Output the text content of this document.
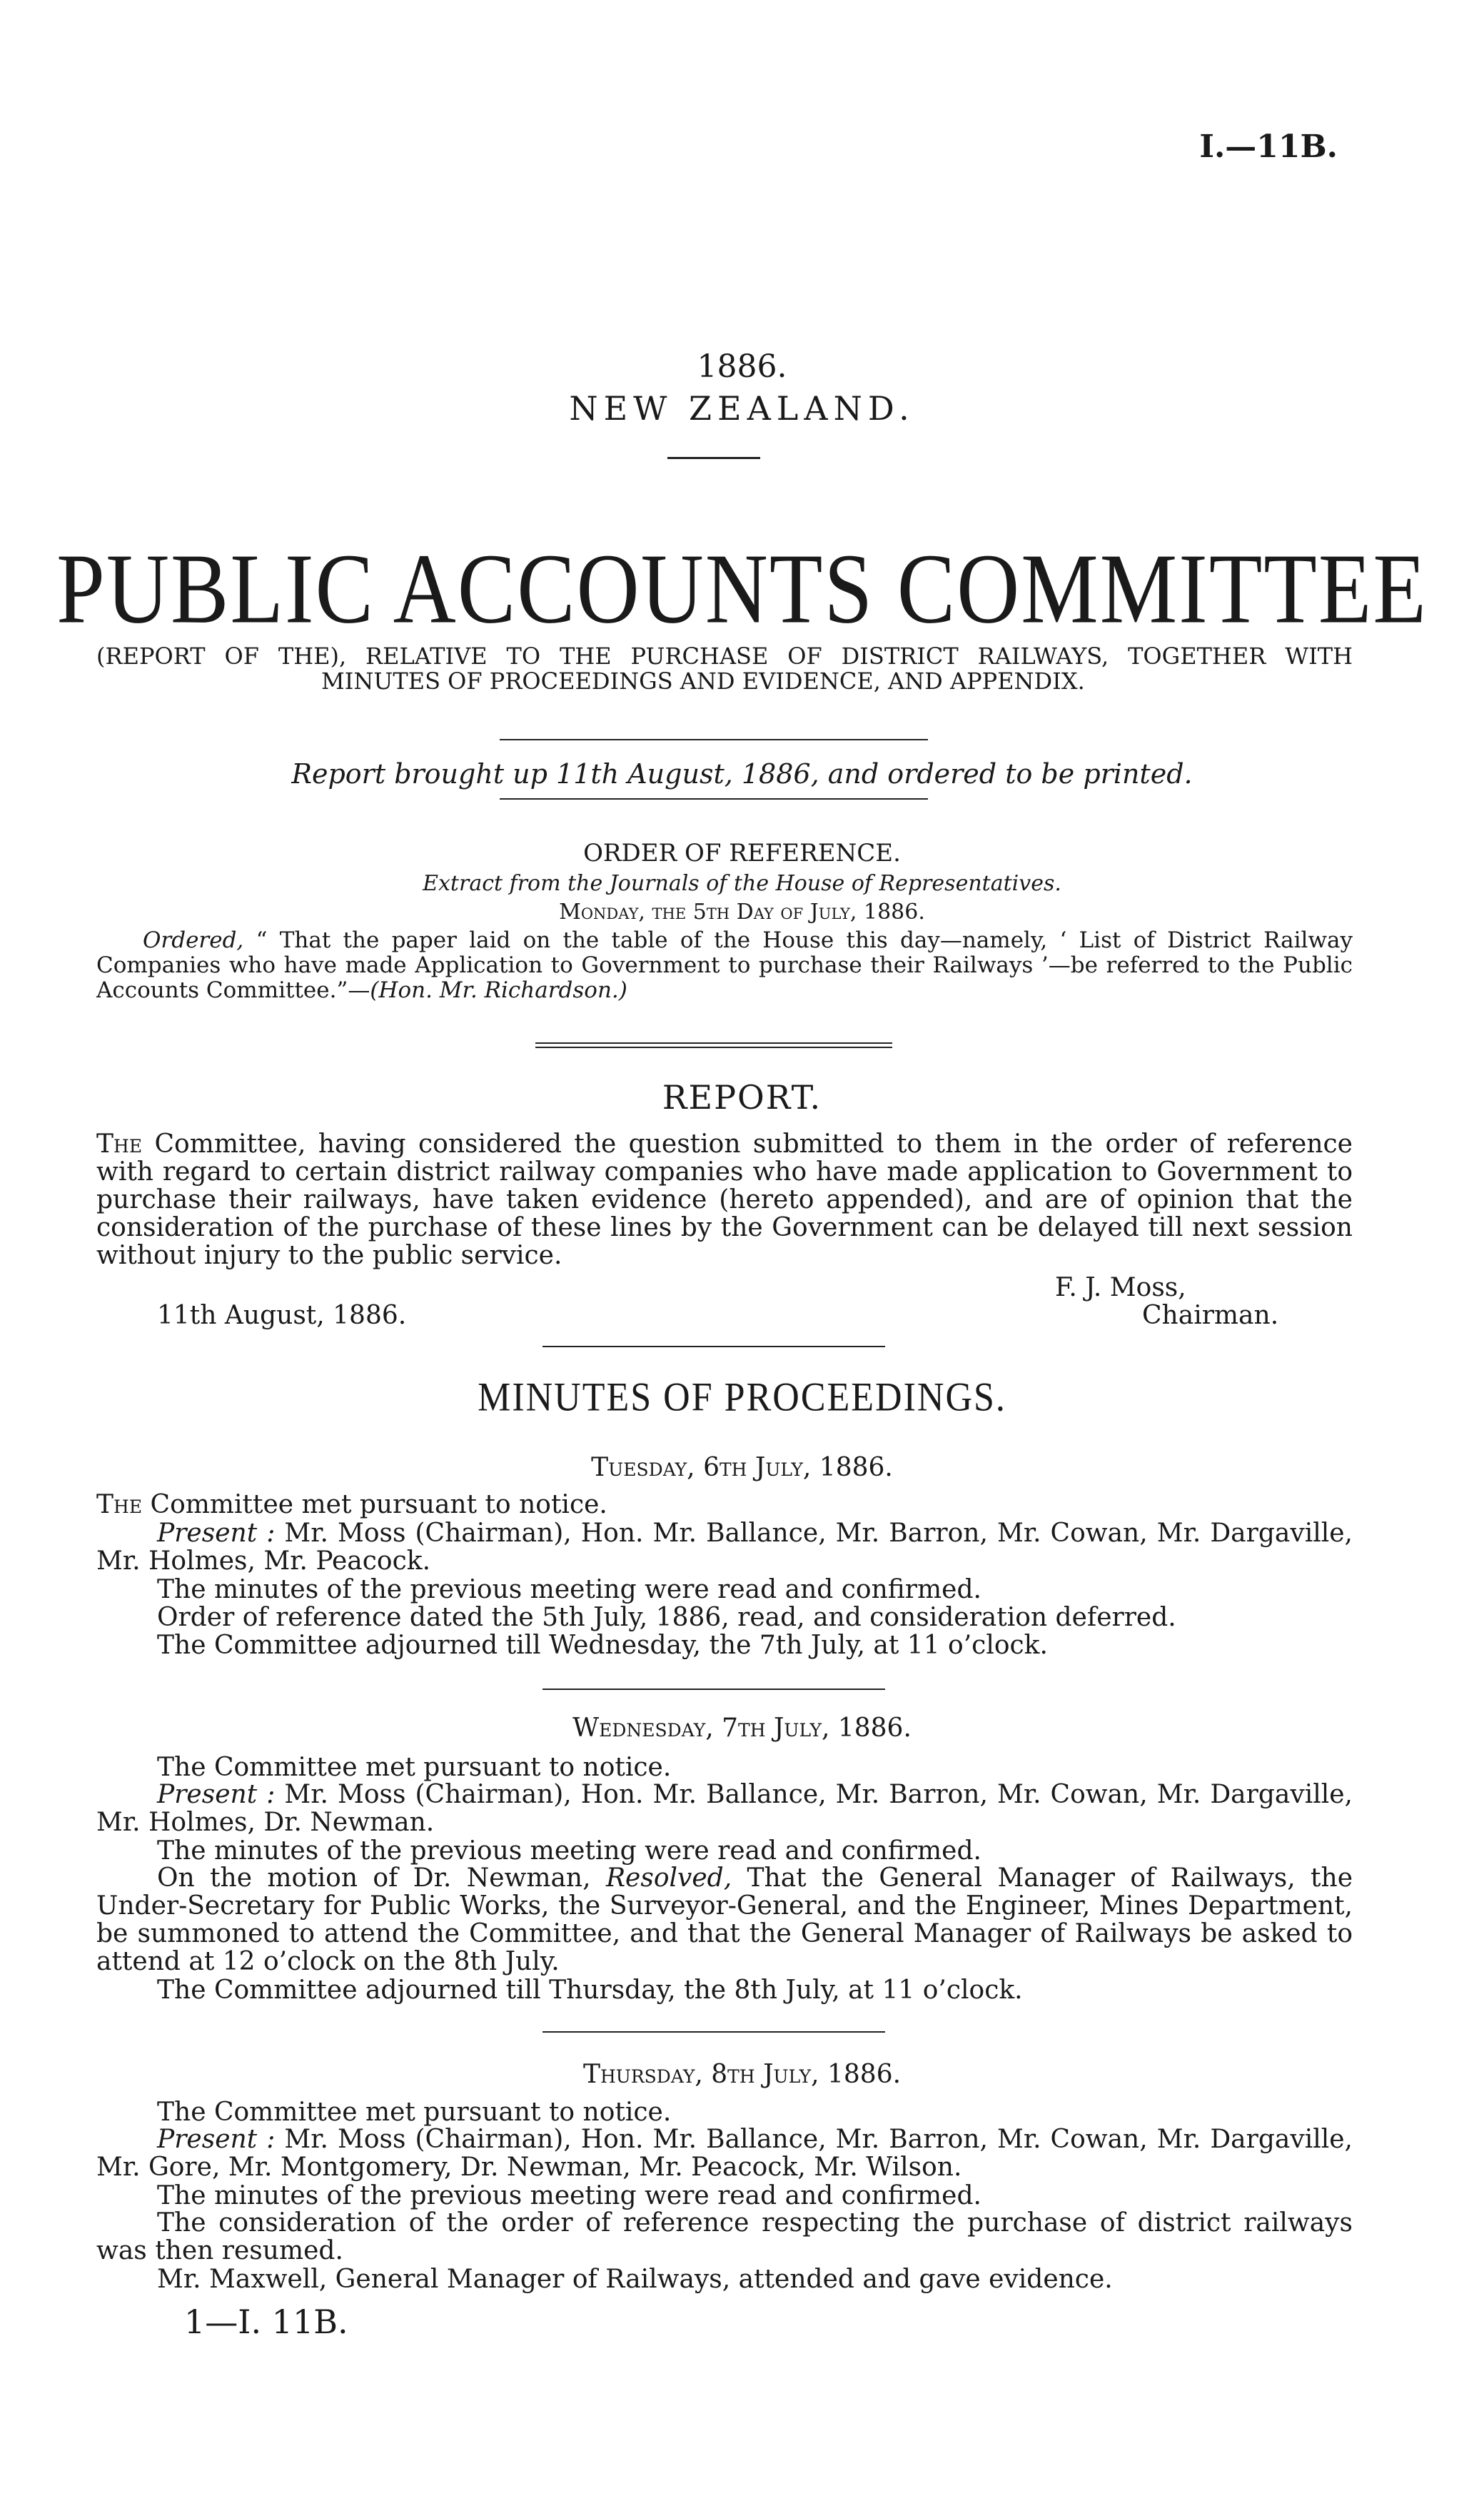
I.—11B.
1886.
NEW ZEALAND.
PUBLIC ACCOUNTS COMMITTEE
(REPORT OF THE), RELATIVE TO THE PURCHASE OF DISTRICT RAILWAYS, TOGETHER WITH
MINUTES OF PROCEEDINGS AND EVIDENCE, AND APPENDIX.
Report brought up 11th August, 1886, and ordered to be printed.
ORDER OF REFERENCE.
Extract from the Journals of the House of Representatives.
Monday, the 5th Day of July, 1886.
Ordered, “ That the paper laid on the table of the House this day—namely, ‘ List of District Railway Companies who have made Application to Government to purchase their Railways ’—be referred to the Public Accounts Committee.”—(Hon. Mr. Richardson.)
REPORT.
The Committee, having considered the question submitted to them in the order of reference with regard to certain district railway companies who have made application to Government to purchase their railways, have taken evidence (hereto appended), and are of opinion that the consideration of the purchase of these lines by the Government can be delayed till next session without injury to the public service.
F. J. Moss,
11th August, 1886.	Chairman.
MINUTES OF PROCEEDINGS.
Tuesday, 6th July, 1886.
The Committee met pursuant to notice.
Present : Mr. Moss (Chairman), Hon. Mr. Ballance, Mr. Barron, Mr. Cowan, Mr. Dargaville, Mr. Holmes, Mr. Peacock.
The minutes of the previous meeting were read and confirmed.
Order of reference dated the 5th July, 1886, read, and consideration deferred.
The Committee adjourned till Wednesday, the 7th July, at 11 o’clock.
Wednesday, 7th July, 1886.
The Committee met pursuant to notice.
Present : Mr. Moss (Chairman), Hon. Mr. Ballance, Mr. Barron, Mr. Cowan, Mr. Dargaville, Mr. Holmes, Dr. Newman.
The minutes of the previous meeting were read and confirmed.
On the motion of Dr. Newman, Resolved, That the General Manager of Railways, the Under-Secretary for Public Works, the Surveyor-General, and the Engineer, Mines Department, be summoned to attend the Committee, and that the General Manager of Railways be asked to attend at 12 o’clock on the 8th July.
The Committee adjourned till Thursday, the 8th July, at 11 o’clock.
Thursday, 8th July, 1886.
The Committee met pursuant to notice.
Present : Mr. Moss (Chairman), Hon. Mr. Ballance, Mr. Barron, Mr. Cowan, Mr. Dargaville, Mr. Gore, Mr. Montgomery, Dr. Newman, Mr. Peacock, Mr. Wilson.
The minutes of the previous meeting were read and confirmed.
The consideration of the order of reference respecting the purchase of district railways was then resumed.
Mr. Maxwell, General Manager of Railways, attended and gave evidence.
1—I. 11B.
